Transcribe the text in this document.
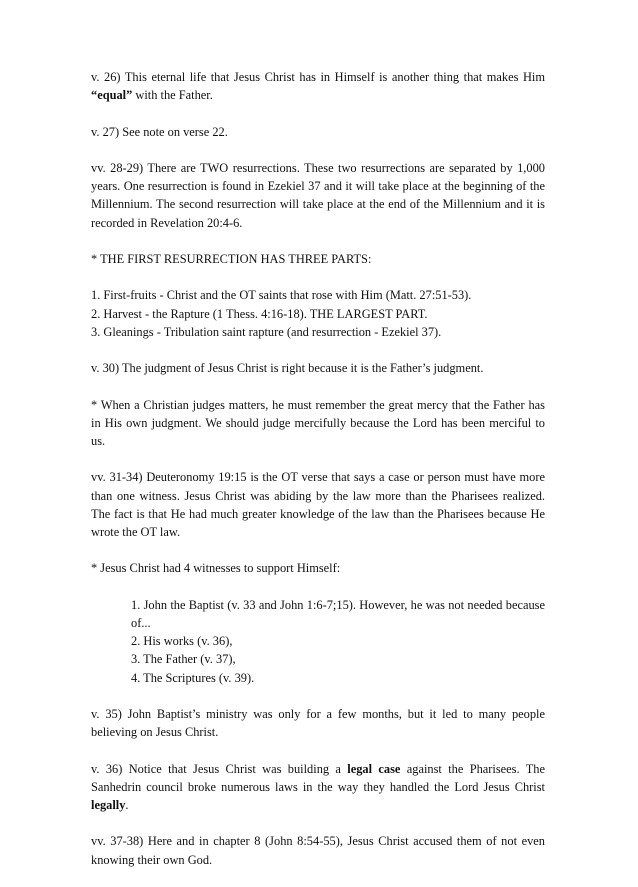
v. 26) This eternal life that Jesus Christ has in Himself is another thing that makes Him “equal” with the Father.

v. 27) See note on verse 22.

vv. 28-29) There are TWO resurrections. These two resurrections are separated by 1,000 years. One resurrection is found in Ezekiel 37 and it will take place at the beginning of the Millennium. The second resurrection will take place at the end of the Millennium and it is recorded in Revelation 20:4-6.

* THE FIRST RESURRECTION HAS THREE PARTS:

1. First-fruits - Christ and the OT saints that rose with Him (Matt. 27:51-53).
2. Harvest - the Rapture (1 Thess. 4:16-18). THE LARGEST PART.
3. Gleanings - Tribulation saint rapture (and resurrection - Ezekiel 37).

v. 30) The judgment of Jesus Christ is right because it is the Father’s judgment.

* When a Christian judges matters, he must remember the great mercy that the Father has in His own judgment. We should judge mercifully because the Lord has been merciful to us.

vv. 31-34) Deuteronomy 19:15 is the OT verse that says a case or person must have more than one witness. Jesus Christ was abiding by the law more than the Pharisees realized. The fact is that He had much greater knowledge of the law than the Pharisees because He wrote the OT law.

* Jesus Christ had 4 witnesses to support Himself:

1. John the Baptist (v. 33 and John 1:6-7;15). However, he was not needed because of...
2. His works (v. 36),
3. The Father (v. 37),
4. The Scriptures (v. 39).

v. 35) John Baptist’s ministry was only for a few months, but it led to many people believing on Jesus Christ.

v. 36) Notice that Jesus Christ was building a legal case against the Pharisees. The Sanhedrin council broke numerous laws in the way they handled the Lord Jesus Christ legally.

vv. 37-38) Here and in chapter 8 (John 8:54-55), Jesus Christ accused them of not even knowing their own God.
